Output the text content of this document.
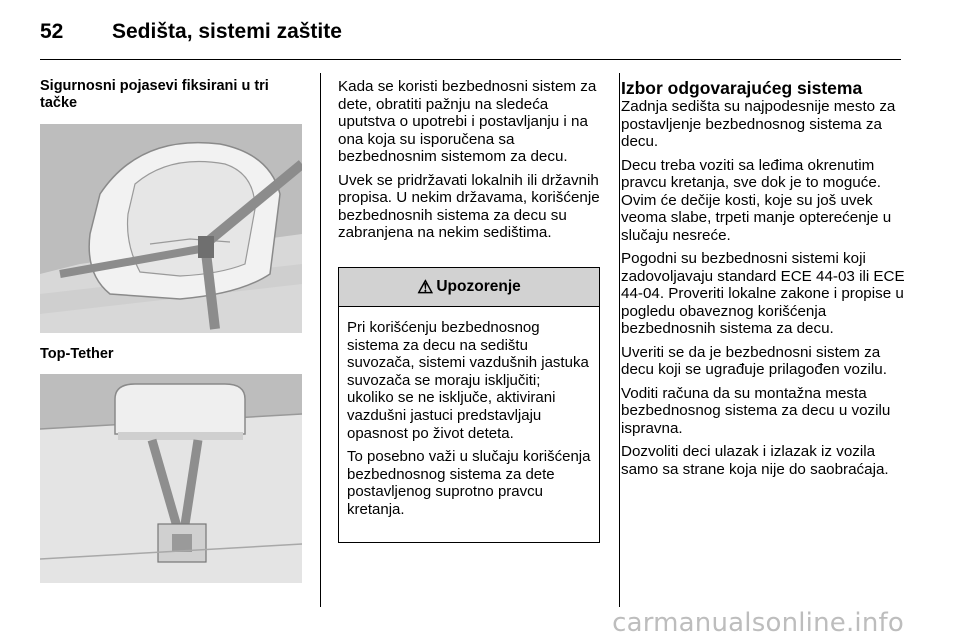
52 Sedišta, sistemi zaštite
Sigurnosni pojasevi fiksirani u tri tačke
Top-Tether

Kada se koristi bezbednosni sistem za dete, obratiti pažnju na sledeća uputstva o upotrebi i postavljanju i na ona koja su isporučena sa bezbednosnim sistemom za decu.

Uvek se pridržavati lokalnih ili državnih propisa. U nekim državama, korišćenje bezbednosnih sistema za decu su zabranjena na nekim sedištima.

⚠ Upozorenje

Pri korišćenju bezbednosnog sistema za decu na sedištu suvozača, sistemi vazdušnih jastuka suvozača se moraju isključiti; ukoliko se ne isključe, aktivirani vazdušni jastuci predstavljaju opasnost po život deteta.

To posebno važi u slučaju korišćenja bezbednosnog sistema za dete postavljenog suprotno pravcu kretanja.

Izbor odgovarajućeg sistema

Zadnja sedišta su najpodesnije mesto za postavljenje bezbednosnog sistema za decu.

Decu treba voziti sa leđima okrenutim pravcu kretanja, sve dok je to moguće. Ovim će dečije kosti, koje su još uvek veoma slabe, trpeti manje opterećenje u slučaju nesreće.

Pogodni su bezbednosni sistemi koji zadovoljavaju standard ECE 44-03 ili ECE 44-04. Proveriti lokalne zakone i propise u pogledu obaveznog korišćenja bezbednosnih sistema za decu.

Uveriti se da je bezbednosni sistem za decu koji se ugrađuje prilagođen vozilu.

Voditi računa da su montažna mesta bezbednosnog sistema za decu u vozilu ispravna.

Dozvoliti deci ulazak i izlazak iz vozila samo sa strane koja nije do saobraćaja.

carmanualsonline.info
